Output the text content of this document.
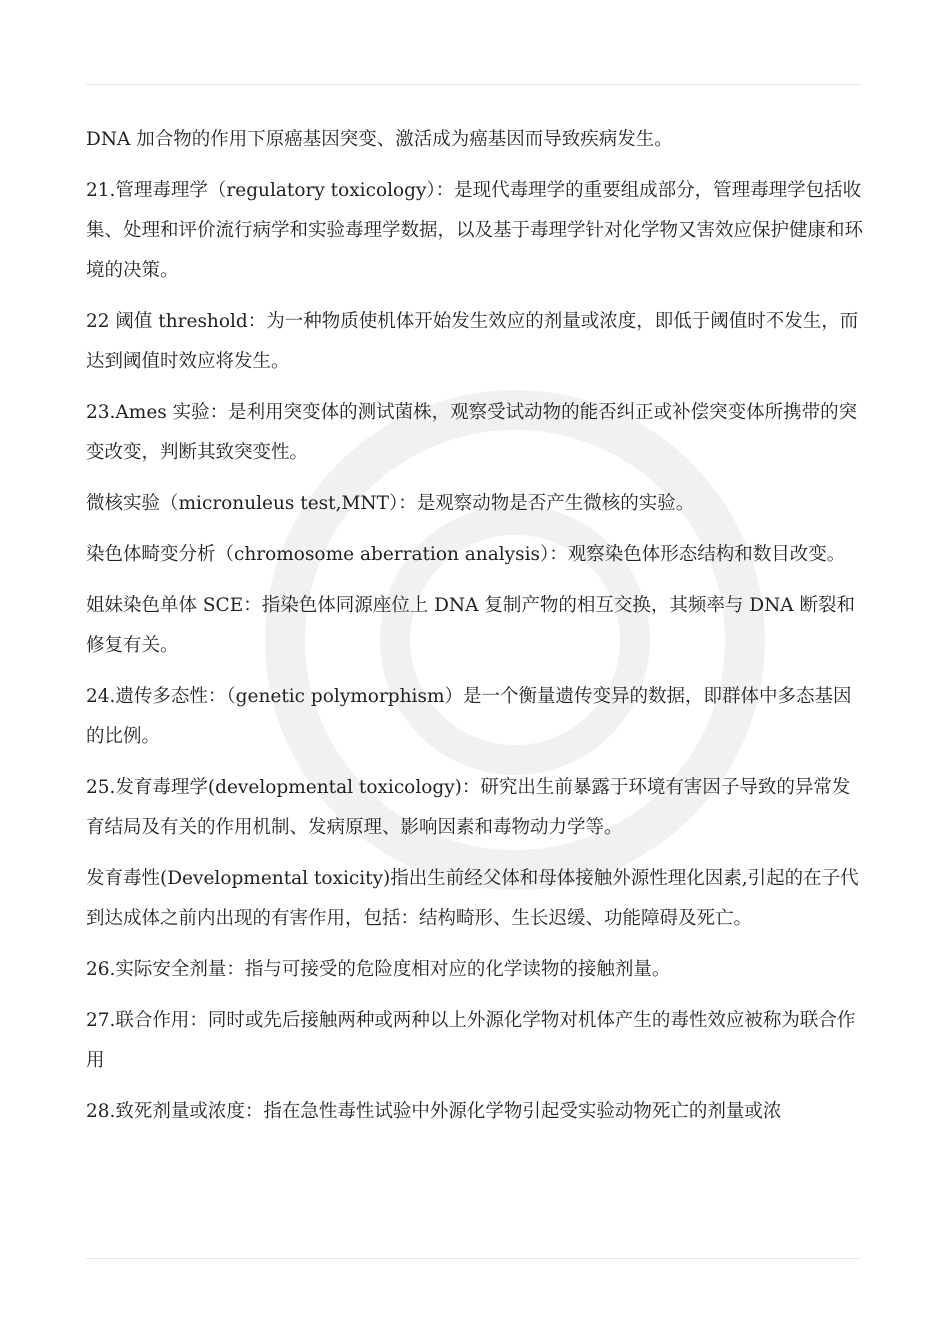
DNA 加合物的作用下原癌基因突变、激活成为癌基因而导致疾病发生。

21.管理毒理学（regulatory toxicology）：是现代毒理学的重要组成部分，管理毒理学包括收集、处理和评价流行病学和实验毒理学数据，以及基于毒理学针对化学物又害效应保护健康和环境的决策。

22 阈值 threshold：为一种物质使机体开始发生效应的剂量或浓度，即低于阈值时不发生，而达到阈值时效应将发生。

23.Ames 实验：是利用突变体的测试菌株，观察受试动物的能否纠正或补偿突变体所携带的突变改变，判断其致突变性。

微核实验（micronuleus test,MNT）：是观察动物是否产生微核的实验。

染色体畸变分析（chromosome aberration analysis）：观察染色体形态结构和数目改变。

姐妹染色单体 SCE：指染色体同源座位上 DNA 复制产物的相互交换，其频率与 DNA 断裂和修复有关。

24.遗传多态性：（genetic polymorphism）是一个衡量遗传变异的数据，即群体中多态基因的比例。

25.发育毒理学(developmental toxicology)：研究出生前暴露于环境有害因子导致的异常发育结局及有关的作用机制、发病原理、影响因素和毒物动力学等。

发育毒性(Developmental toxicity)指出生前经父体和母体接触外源性理化因素,引起的在子代到达成体之前内出现的有害作用，包括：结构畸形、生长迟缓、功能障碍及死亡。

26.实际安全剂量：指与可接受的危险度相对应的化学读物的接触剂量。

27.联合作用：同时或先后接触两种或两种以上外源化学物对机体产生的毒性效应被称为联合作用

28.致死剂量或浓度：指在急性毒性试验中外源化学物引起受实验动物死亡的剂量或浓
